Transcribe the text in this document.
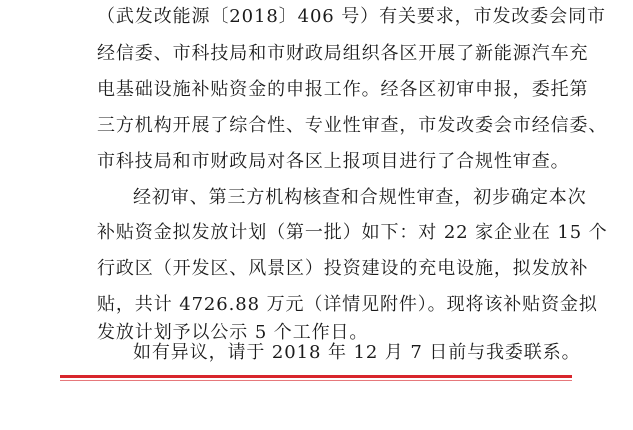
（武发改能源〔2018〕406 号）有关要求，市发改委会同市
经信委、市科技局和市财政局组织各区开展了新能源汽车充
电基础设施补贴资金的申报工作。经各区初审申报，委托第
三方机构开展了综合性、专业性审查，市发改委会市经信委、
市科技局和市财政局对各区上报项目进行了合规性审查。
经初审、第三方机构核查和合规性审查，初步确定本次
补贴资金拟发放计划（第一批）如下：对 22 家企业在 15 个
行政区（开发区、风景区）投资建设的充电设施，拟发放补
贴，共计 4726.88 万元（详情见附件）。现将该补贴资金拟
发放计划予以公示 5 个工作日。
如有异议，请于 2018 年 12 月 7 日前与我委联系。
